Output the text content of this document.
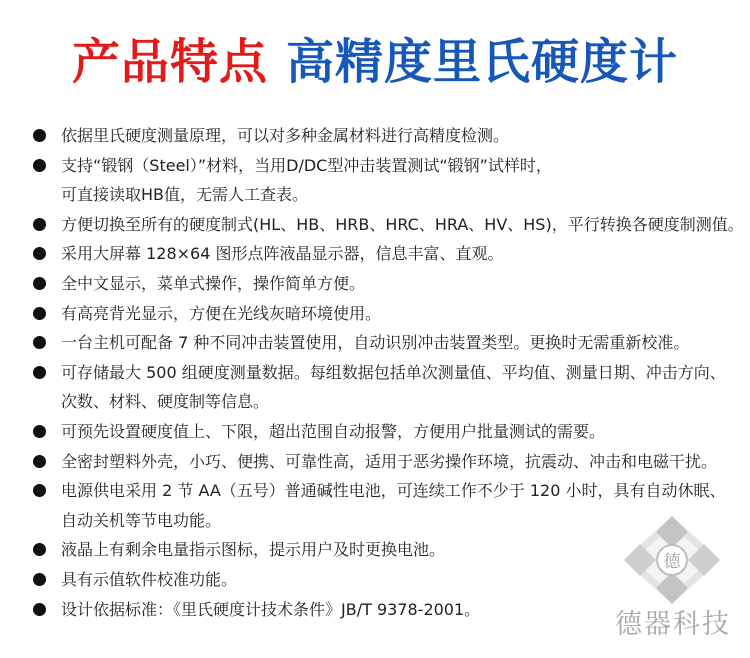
产品特点 高精度里氏硬度计
依据里氏硬度测量原理，可以对多种金属材料进行高精度检测。
支持“锻钢（Steel）”材料，当用D/DC型冲击装置测试“锻钢”试样时，
可直接读取HB值，无需人工查表。
方便切换至所有的硬度制式(HL、HB、HRB、HRC、HRA、HV、HS)，平行转换各硬度制测值。
采用大屏幕 128×64 图形点阵液晶显示器，信息丰富、直观。
全中文显示，菜单式操作，操作简单方便。
有高亮背光显示，方便在光线灰暗环境使用。
一台主机可配备 7 种不同冲击装置使用，自动识别冲击装置类型。更换时无需重新校准。
可存储最大 500 组硬度测量数据。每组数据包括单次测量值、平均值、测量日期、冲击方向、
次数、材料、硬度制等信息。
可预先设置硬度值上、下限，超出范围自动报警，方便用户批量测试的需要。
全密封塑料外壳，小巧、便携、可靠性高，适用于恶劣操作环境，抗震动、冲击和电磁干扰。
电源供电采用 2 节 AA（五号）普通碱性电池，可连续工作不少于 120 小时，具有自动休眠、
自动关机等节电功能。
液晶上有剩余电量指示图标，提示用户及时更换电池。
具有示值软件校准功能。
设计依据标准：《里氏硬度计技术条件》JB/T 9378-2001。
德
德器科技
